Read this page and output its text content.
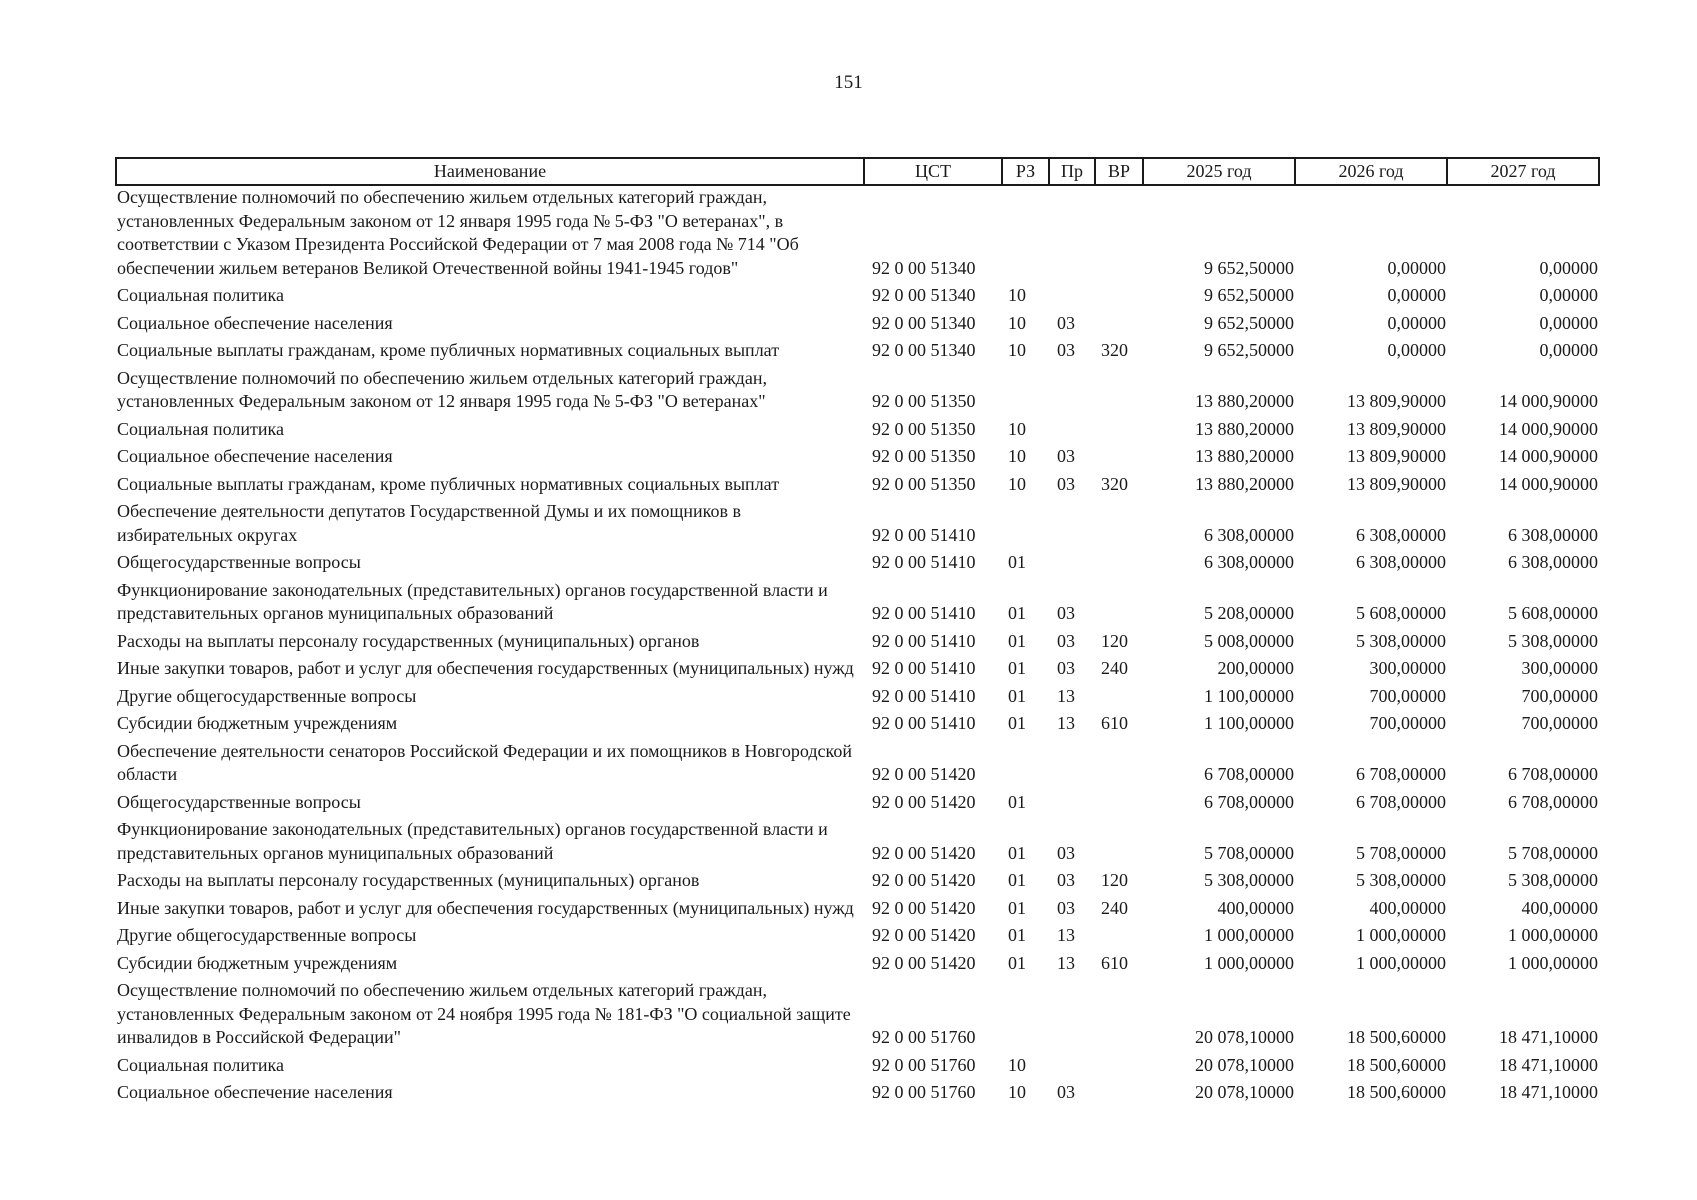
151
Наименование	ЦСТ	РЗ	Пр	ВР	2025 год	2026 год	2027 год
Осуществление полномочий по обеспечению жильем отдельных категорий граждан, установленных Федеральным законом от 12 января 1995 года № 5-ФЗ "О ветеранах", в соответствии с Указом Президента Российской Федерации от 7 мая 2008 года № 714 "Об обеспечении жильем ветеранов Великой Отечественной войны 1941-1945 годов"	92 0 00 51340				9 652,50000	0,00000	0,00000
Социальная политика	92 0 00 51340	10			9 652,50000	0,00000	0,00000
Социальное обеспечение населения	92 0 00 51340	10	03		9 652,50000	0,00000	0,00000
Социальные выплаты гражданам, кроме публичных нормативных социальных выплат	92 0 00 51340	10	03	320	9 652,50000	0,00000	0,00000
Осуществление полномочий по обеспечению жильем отдельных категорий граждан, установленных Федеральным законом от 12 января 1995 года № 5-ФЗ "О ветеранах"	92 0 00 51350				13 880,20000	13 809,90000	14 000,90000
Социальная политика	92 0 00 51350	10			13 880,20000	13 809,90000	14 000,90000
Социальное обеспечение населения	92 0 00 51350	10	03		13 880,20000	13 809,90000	14 000,90000
Социальные выплаты гражданам, кроме публичных нормативных социальных выплат	92 0 00 51350	10	03	320	13 880,20000	13 809,90000	14 000,90000
Обеспечение деятельности депутатов Государственной Думы и их помощников в избирательных округах	92 0 00 51410				6 308,00000	6 308,00000	6 308,00000
Общегосударственные вопросы	92 0 00 51410	01			6 308,00000	6 308,00000	6 308,00000
Функционирование законодательных (представительных) органов государственной власти и представительных органов муниципальных образований	92 0 00 51410	01	03		5 208,00000	5 608,00000	5 608,00000
Расходы на выплаты персоналу государственных (муниципальных) органов	92 0 00 51410	01	03	120	5 008,00000	5 308,00000	5 308,00000
Иные закупки товаров, работ и услуг для обеспечения государственных (муниципальных) нужд	92 0 00 51410	01	03	240	200,00000	300,00000	300,00000
Другие общегосударственные вопросы	92 0 00 51410	01	13		1 100,00000	700,00000	700,00000
Субсидии бюджетным учреждениям	92 0 00 51410	01	13	610	1 100,00000	700,00000	700,00000
Обеспечение деятельности сенаторов Российской Федерации и их помощников в Новгородской области	92 0 00 51420				6 708,00000	6 708,00000	6 708,00000
Общегосударственные вопросы	92 0 00 51420	01			6 708,00000	6 708,00000	6 708,00000
Функционирование законодательных (представительных) органов государственной власти и представительных органов муниципальных образований	92 0 00 51420	01	03		5 708,00000	5 708,00000	5 708,00000
Расходы на выплаты персоналу государственных (муниципальных) органов	92 0 00 51420	01	03	120	5 308,00000	5 308,00000	5 308,00000
Иные закупки товаров, работ и услуг для обеспечения государственных (муниципальных) нужд	92 0 00 51420	01	03	240	400,00000	400,00000	400,00000
Другие общегосударственные вопросы	92 0 00 51420	01	13		1 000,00000	1 000,00000	1 000,00000
Субсидии бюджетным учреждениям	92 0 00 51420	01	13	610	1 000,00000	1 000,00000	1 000,00000
Осуществление полномочий по обеспечению жильем отдельных категорий граждан, установленных Федеральным законом от 24 ноября 1995 года № 181-ФЗ "О социальной защите инвалидов в Российской Федерации"	92 0 00 51760				20 078,10000	18 500,60000	18 471,10000
Социальная политика	92 0 00 51760	10			20 078,10000	18 500,60000	18 471,10000
Социальное обеспечение населения	92 0 00 51760	10	03		20 078,10000	18 500,60000	18 471,10000
